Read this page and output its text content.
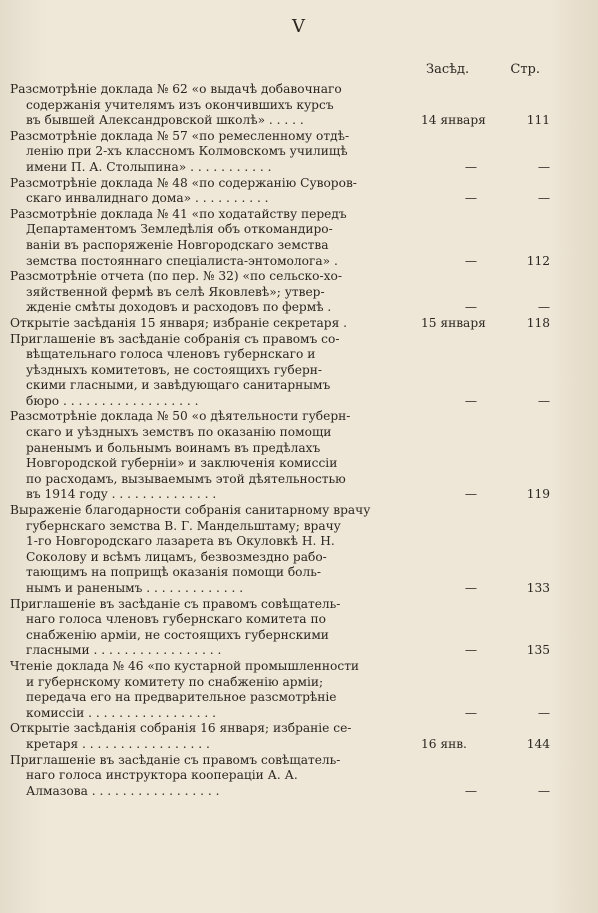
V
Засѣд.	Стр.
Разсмотрѣніе доклада № 62 «о выдачѣ добавочнаго
содержанія учителямъ изъ окончившихъ курсъ
въ бывшей Александровской школѣ» . . . . .	14 января	111
Разсмотрѣніе доклада № 57 «по ремесленному отдѣ-
ленію при 2-хъ классномъ Колмовскомъ училищѣ
имени П. А. Столыпина» . . . . . . . . . . .	—	—
Разсмотрѣніе доклада № 48 «по содержанію Суворов-
скаго инвалиднаго дома» . . . . . . . . . .	—	—
Разсмотрѣніе доклада № 41 «по ходатайству передъ
Департаментомъ Земледѣлія объ откомандиро-
ваніи въ распоряженіе Новгородскаго земства
земства постояннаго спеціалиста-энтомолога» .	—	112
Разсмотрѣніе отчета (по пер. № 32) «по сельско-хо-
зяйственной фермѣ въ селѣ Яковлевѣ»; утвер-
жденіе смѣты доходовъ и расходовъ по фермѣ .	—	—
Открытіе засѣданія 15 января; избраніе секретаря .	15 января	118
Приглашеніе въ засѣданіе собранія съ правомъ со-
вѣщательнаго голоса членовъ губернскаго и
уѣздныхъ комитетовъ, не состоящихъ губерн-
скими гласными, и завѣдующаго санитарнымъ
бюро . . . . . . . . . . . . . . . . . .	—	—
Разсмотрѣніе доклада № 50 «о дѣятельности губерн-
скаго и уѣздныхъ земствъ по оказанію помощи
раненымъ и больнымъ воинамъ въ предѣлахъ
Новгородской губерніи» и заключенія комиссіи
по расходамъ, вызываемымъ этой дѣятельностью
въ 1914 году . . . . . . . . . . . . . .	—	119
Выраженіе благодарности собранія санитарному врачу
губернскаго земства В. Г. Мандельштаму; врачу
1-го Новгородскаго лазарета въ Окуловкѣ Н. Н.
Соколову и всѣмъ лицамъ, безвозмездно рабо-
тающимъ на поприщѣ оказанія помощи боль-
нымъ и раненымъ . . . . . . . . . . . . .	—	133
Приглашеніе въ засѣданіе съ правомъ совѣщатель-
наго голоса членовъ губернскаго комитета по
снабженію арміи, не состоящихъ губернскими
гласными . . . . . . . . . . . . . . . . .	—	135
Чтеніе доклада № 46 «по кустарной промышленности
и губернскому комитету по снабженію арміи;
передача его на предварительное разсмотрѣніе
комиссіи . . . . . . . . . . . . . . . . .	—	—
Открытіе засѣданія собранія 16 января; избраніе се-
кретаря . . . . . . . . . . . . . . . . .	16 янв.	144
Приглашеніе въ засѣданіе съ правомъ совѣщатель-
наго голоса инструктора коопераціи А. А.
Алмазова . . . . . . . . . . . . . . . . .	—	—
